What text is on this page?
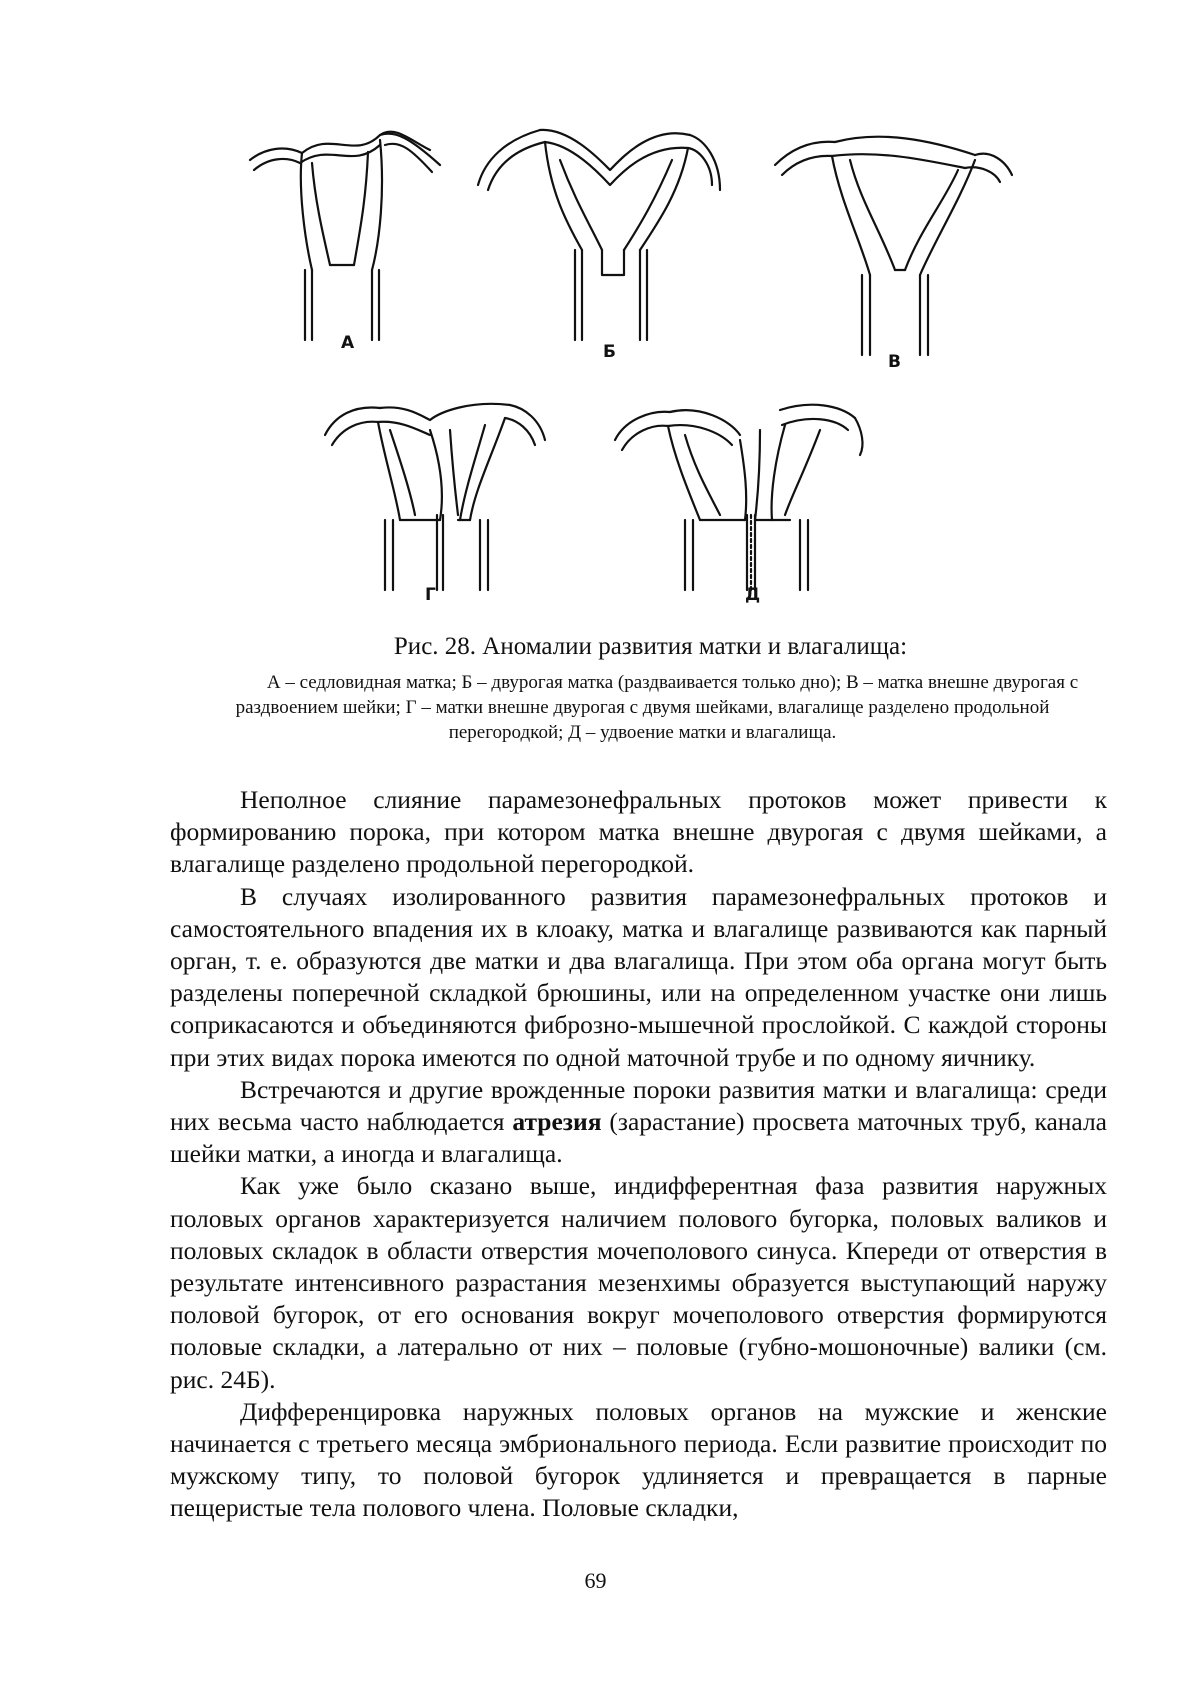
А	Б	В
Г	Д
Рис. 28. Аномалии развития матки и влагалища:
А – седловидная матка; Б – двурогая матка (раздваивается только дно); В – матка внешне двурогая с раздвоением шейки; Г – матки внешне двурогая с двумя шейками, влагалище разделено продольной перегородкой; Д – удвоение матки и влагалища.

Неполное слияние парамезонефральных протоков может привести к формированию порока, при котором матка внешне двурогая с двумя шейками, а влагалище разделено продольной перегородкой.

В случаях изолированного развития парамезонефральных протоков и самостоятельного впадения их в клоаку, матка и влагалище развиваются как парный орган, т. е. образуются две матки и два влагалища. При этом оба органа могут быть разделены поперечной складкой брюшины, или на определенном участке они лишь соприкасаются и объединяются фиброзно-мышечной прослойкой. С каждой стороны при этих видах порока имеются по одной маточной трубе и по одному яичнику.

Встречаются и другие врожденные пороки развития матки и влагалища: среди них весьма часто наблюдается атрезия (зарастание) просвета маточных труб, канала шейки матки, а иногда и влагалища.

Как уже было сказано выше, индифферентная фаза развития наружных половых органов характеризуется наличием полового бугорка, половых валиков и половых складок в области отверстия мочеполового синуса. Кпереди от отверстия в результате интенсивного разрастания мезенхимы образуется выступающий наружу половой бугорок, от его основания вокруг мочеполового отверстия формируются половые складки, а латерально от них – половые (губно-мошоночные) валики (см. рис. 24Б).

Дифференцировка наружных половых органов на мужские и женские начинается с третьего месяца эмбрионального периода. Если развитие происходит по мужскому типу, то половой бугорок удлиняется и превращается в парные пещеристые тела полового члена. Половые складки,

69
